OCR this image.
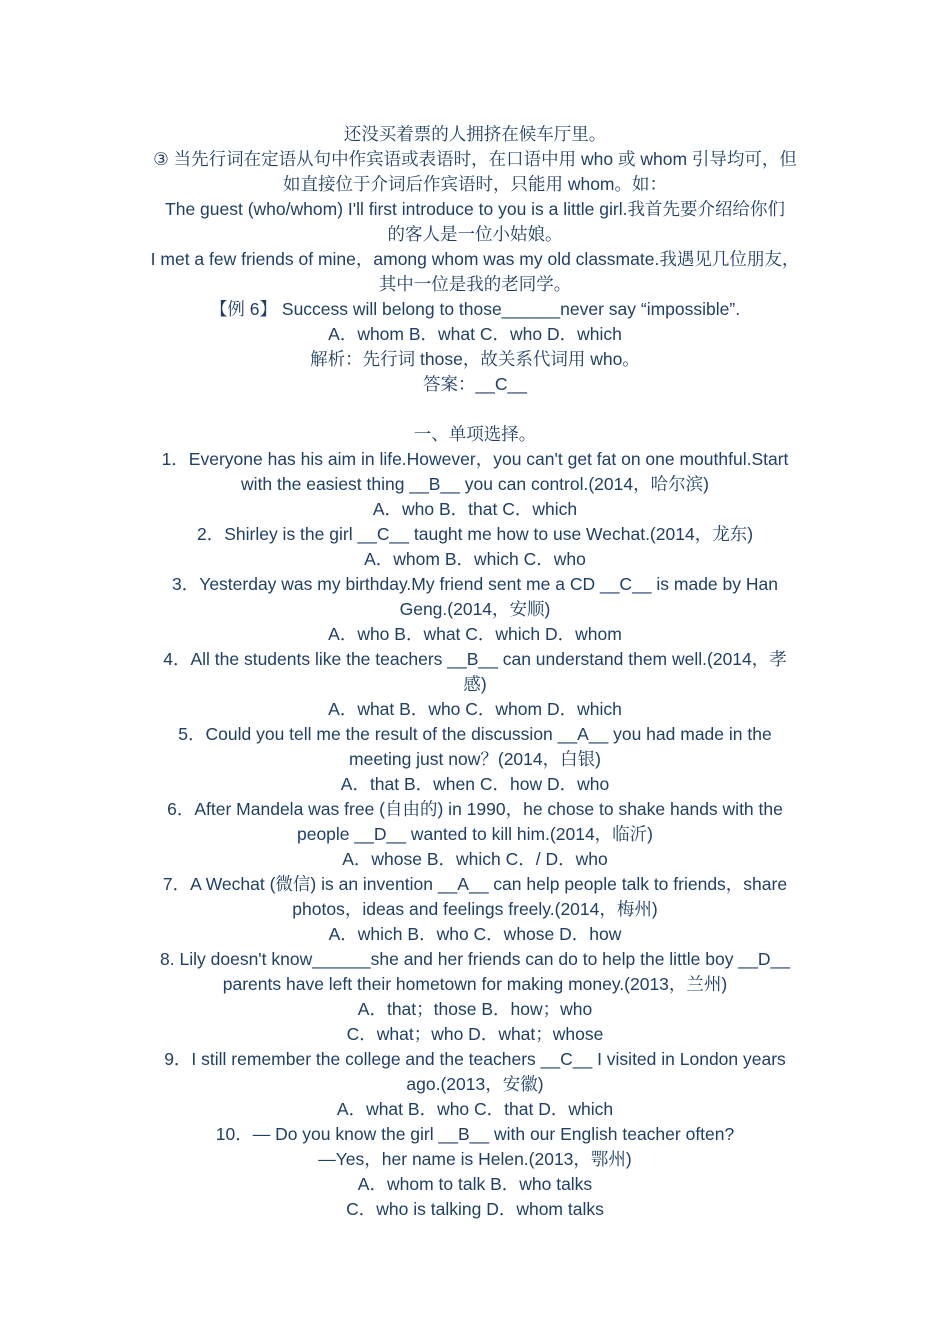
还没买着票的人拥挤在候车厅里。
③ 当先行词在定语从句中作宾语或表语时，在口语中用 who 或 whom 引导均可，但
如直接位于介词后作宾语时，只能用 whom。如：
The guest (who/whom) I'll first introduce to you is a little girl.我首先要介绍给你们
的客人是一位小姑娘。
I met a few friends of mine，among whom was my old classmate.我遇见几位朋友，
其中一位是我的老同学。
【例 6】 Success will belong to those______never say “impossible”.
A．whom B．what C．who D．which
解析：先行词 those，故关系代词用 who。
答案：__C__
一、单项选择。
1．Everyone has his aim in life.However，you can't get fat on one mouthful.Start
with the easiest thing __B__ you can control.(2014，哈尔滨)
A．who B．that C．which
2．Shirley is the girl __C__ taught me how to use Wechat.(2014，龙东)
A．whom B．which C．who
3．Yesterday was my birthday.My friend sent me a CD __C__ is made by Han
Geng.(2014，安顺)
A．who B．what C．which D．whom
4．All the students like the teachers __B__ can understand them well.(2014，孝
感)
A．what B．who C．whom D．which
5．Could you tell me the result of the discussion __A__ you had made in the
meeting just now？(2014，白银)
A．that B．when C．how D．who
6．After Mandela was free (自由的) in 1990，he chose to shake hands with the
people __D__ wanted to kill him.(2014，临沂)
A．whose B．which C．/ D．who
7．A Wechat (微信) is an invention __A__ can help people talk to friends，share
photos，ideas and feelings freely.(2014，梅州)
A．which B．who C．whose D．how
8. Lily doesn't know______she and her friends can do to help the little boy __D__
parents have left their hometown for making money.(2013，兰州)
A．that；those B．how；who
C．what；who D．what；whose
9．I still remember the college and the teachers __C__ I visited in London years
ago.(2013，安徽)
A．what B．who C．that D．which
10．— Do you know the girl __B__ with our English teacher often?
—Yes，her name is Helen.(2013，鄂州)
A．whom to talk B．who talks
C．who is talking D．whom talks
